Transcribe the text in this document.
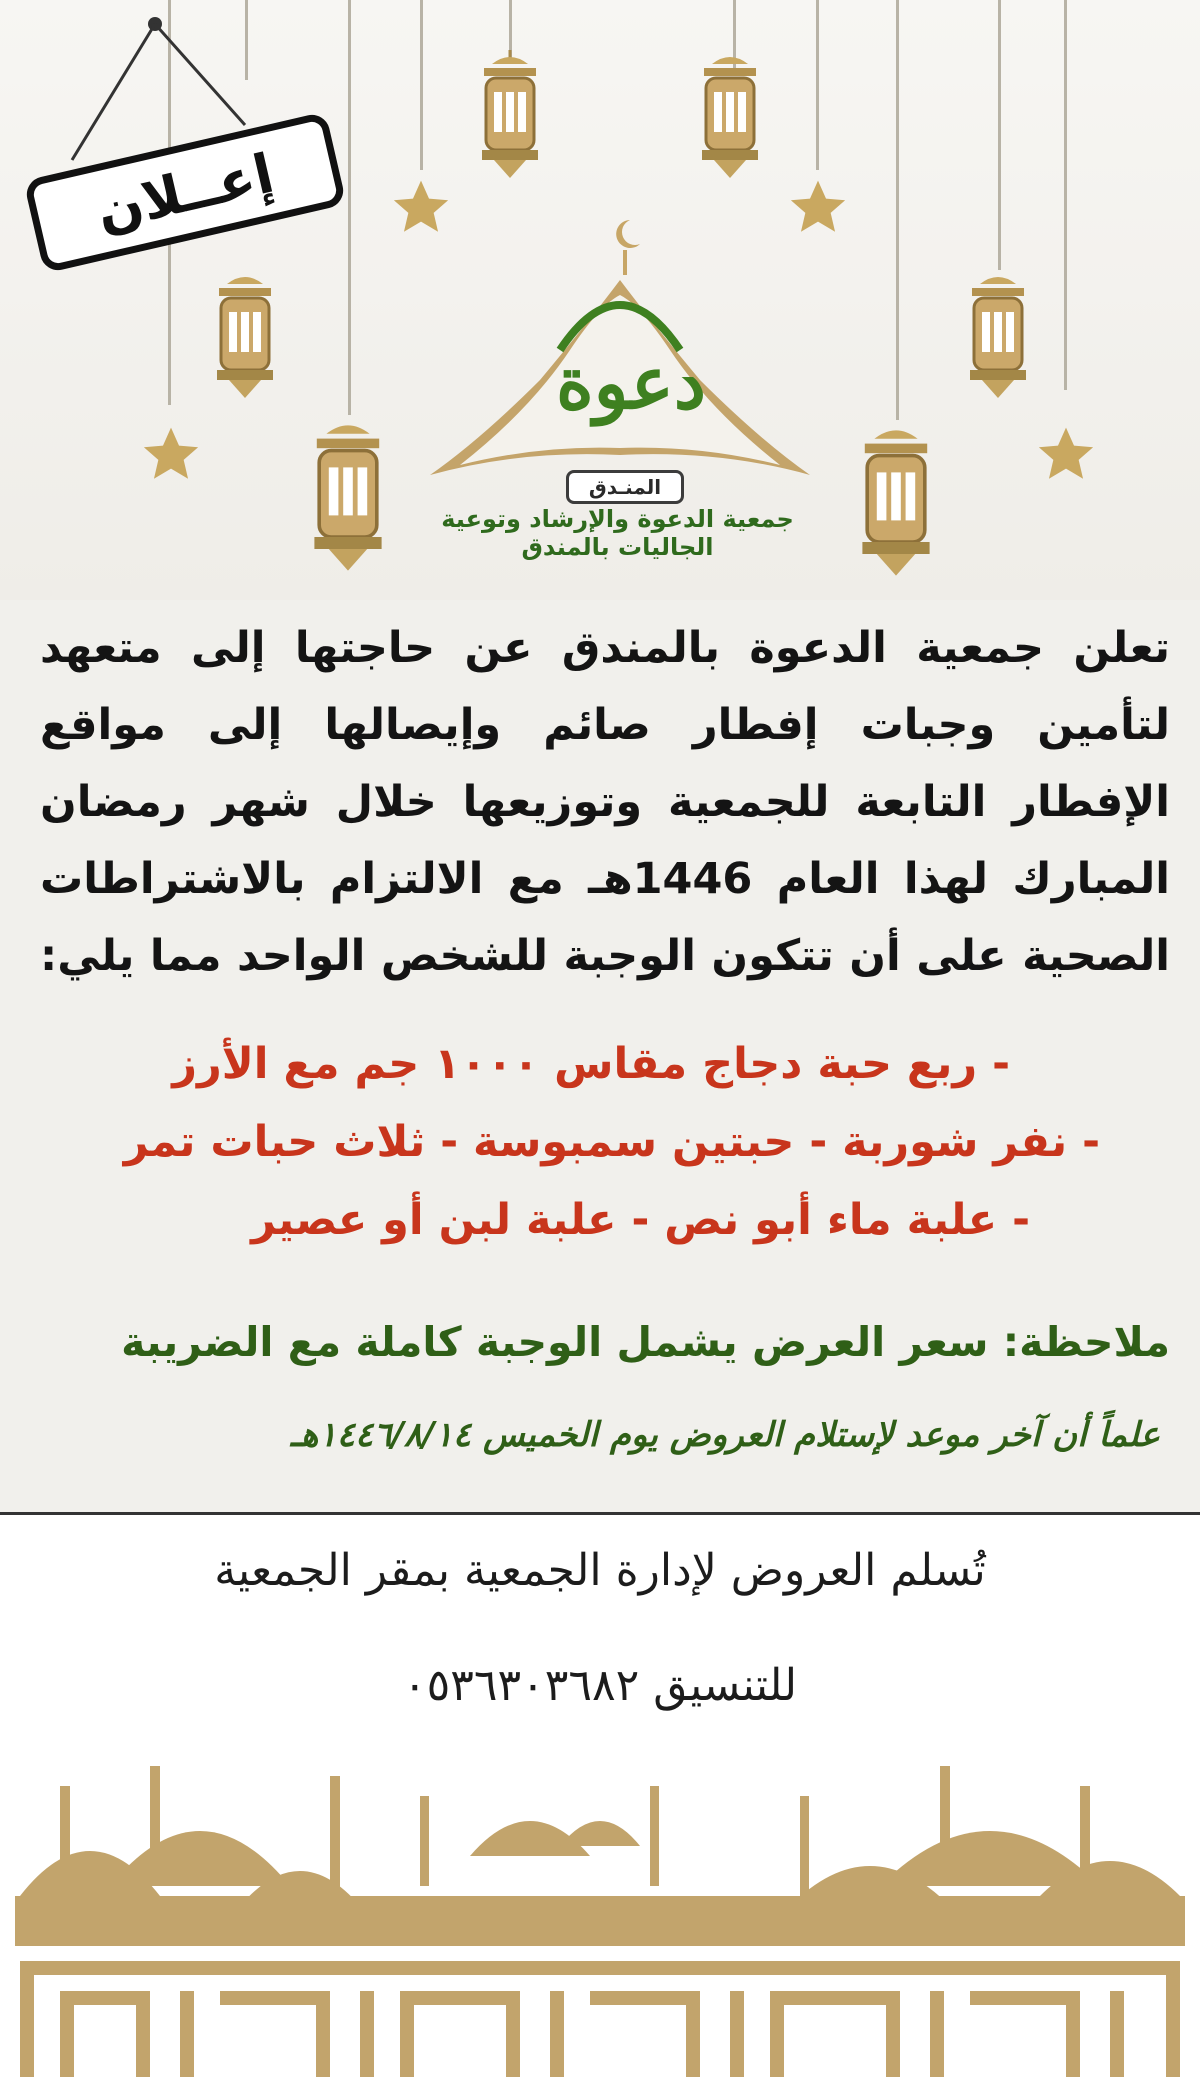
إعــلان
دعوة
المنـدق
جمعية الدعوة والإرشاد وتوعية الجاليات بالمندق
تعلن جمعية الدعوة بالمندق عن حاجتها إلى متعهد
لتأمين وجبات إفطار صائم وإيصالها إلى مواقع
الإفطار التابعة للجمعية وتوزيعها خلال شهر رمضان
المبارك لهذا العام 1446هـ مع الالتزام بالاشتراطات
الصحية على أن تتكون الوجبة للشخص الواحد مما يلي:
- ربع حبة دجاج مقاس ١٠٠٠ جم مع الأرز
- نفر شوربة - حبتين سمبوسة - ثلاث حبات تمر
- علبة ماء أبو نص - علبة لبن أو عصير
ملاحظة: سعر العرض يشمل الوجبة كاملة مع الضريبة
علماً أن آخر موعد لإستلام العروض يوم الخميس ١٤٤٦/٨/١٤هـ
تُسلم العروض لإدارة الجمعية بمقر الجمعية
للتنسيق ٠٥٣٦٣٠٣٦٨٢
